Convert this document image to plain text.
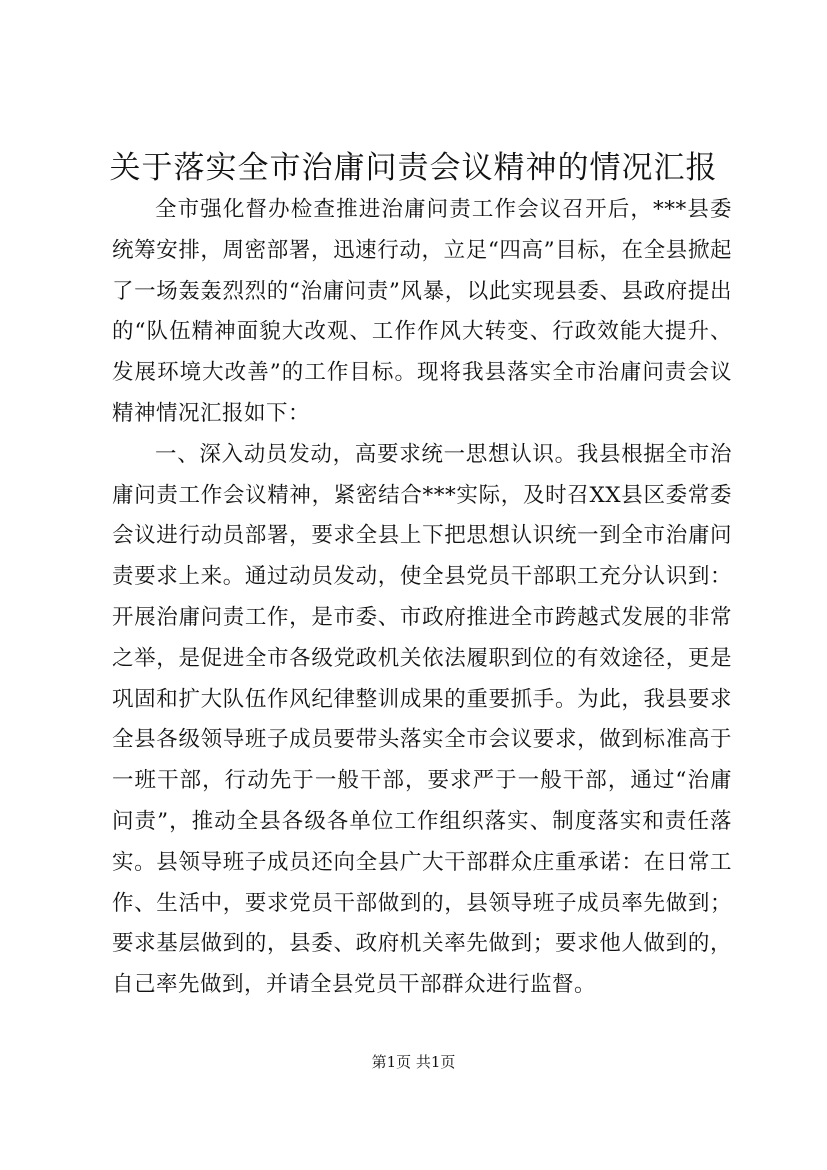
关于落实全市治庸问责会议精神的情况汇报

全市强化督办检查推进治庸问责工作会议召开后，***县委统筹安排，周密部署，迅速行动，立足“四高”目标，在全县掀起了一场轰轰烈烈的“治庸问责”风暴，以此实现县委、县政府提出的“队伍精神面貌大改观、工作作风大转变、行政效能大提升、发展环境大改善”的工作目标。现将我县落实全市治庸问责会议精神情况汇报如下：

一、深入动员发动，高要求统一思想认识。我县根据全市治庸问责工作会议精神，紧密结合***实际，及时召XX县区委常委会议进行动员部署，要求全县上下把思想认识统一到全市治庸问责要求上来。通过动员发动，使全县党员干部职工充分认识到：开展治庸问责工作，是市委、市政府推进全市跨越式发展的非常之举，是促进全市各级党政机关依法履职到位的有效途径，更是巩固和扩大队伍作风纪律整训成果的重要抓手。为此，我县要求全县各级领导班子成员要带头落实全市会议要求，做到标准高于一班干部，行动先于一般干部，要求严于一般干部，通过“治庸问责”，推动全县各级各单位工作组织落实、制度落实和责任落实。县领导班子成员还向全县广大干部群众庄重承诺：在日常工作、生活中，要求党员干部做到的，县领导班子成员率先做到；要求基层做到的，县委、政府机关率先做到；要求他人做到的，自己率先做到，并请全县党员干部群众进行监督。

第1页 共1页
